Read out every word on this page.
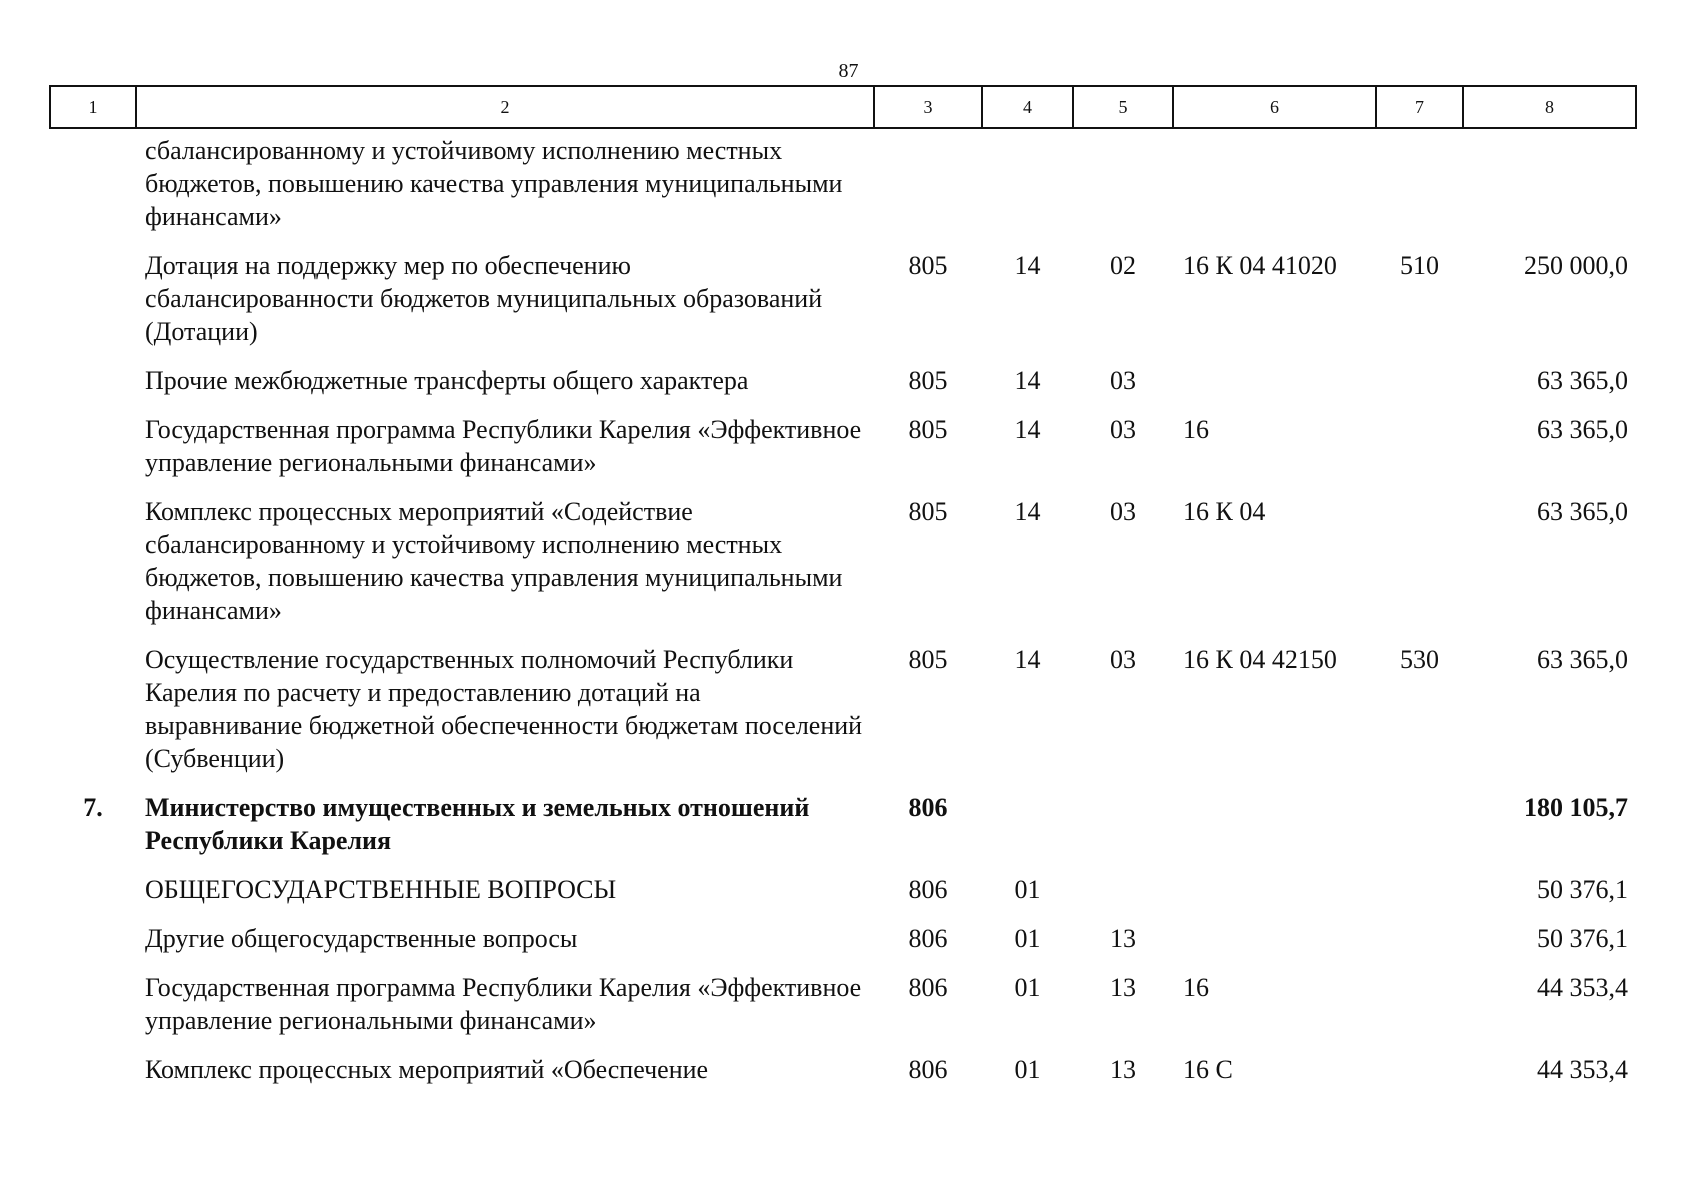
87
1	2	3	4	5	6	7	8
	сбалансированному и устойчивому исполнению местных бюджетов, повышению качества управления муниципальными финансами»						
	Дотация на поддержку мер по обеспечению сбалансированности бюджетов муниципальных образований (Дотации)	805	14	02	16 К 04 41020	510	250 000,0
	Прочие межбюджетные трансферты общего характера	805	14	03			63 365,0
	Государственная программа Республики Карелия «Эффективное управление региональными финансами»	805	14	03	16		63 365,0
	Комплекс процессных мероприятий «Содействие сбалансированному и устойчивому исполнению местных бюджетов, повышению качества управления муниципальными финансами»	805	14	03	16 К 04		63 365,0
	Осуществление государственных полномочий Республики Карелия по расчету и предоставлению дотаций на выравнивание бюджетной обеспеченности бюджетам поселений (Субвенции)	805	14	03	16 К 04 42150	530	63 365,0
7.	Министерство имущественных и земельных отношений Республики Карелия	806					180 105,7
	ОБЩЕГОСУДАРСТВЕННЫЕ ВОПРОСЫ	806	01				50 376,1
	Другие общегосударственные вопросы	806	01	13			50 376,1
	Государственная программа Республики Карелия «Эффективное управление региональными финансами»	806	01	13	16		44 353,4
	Комплекс процессных мероприятий «Обеспечение	806	01	13	16 С		44 353,4
